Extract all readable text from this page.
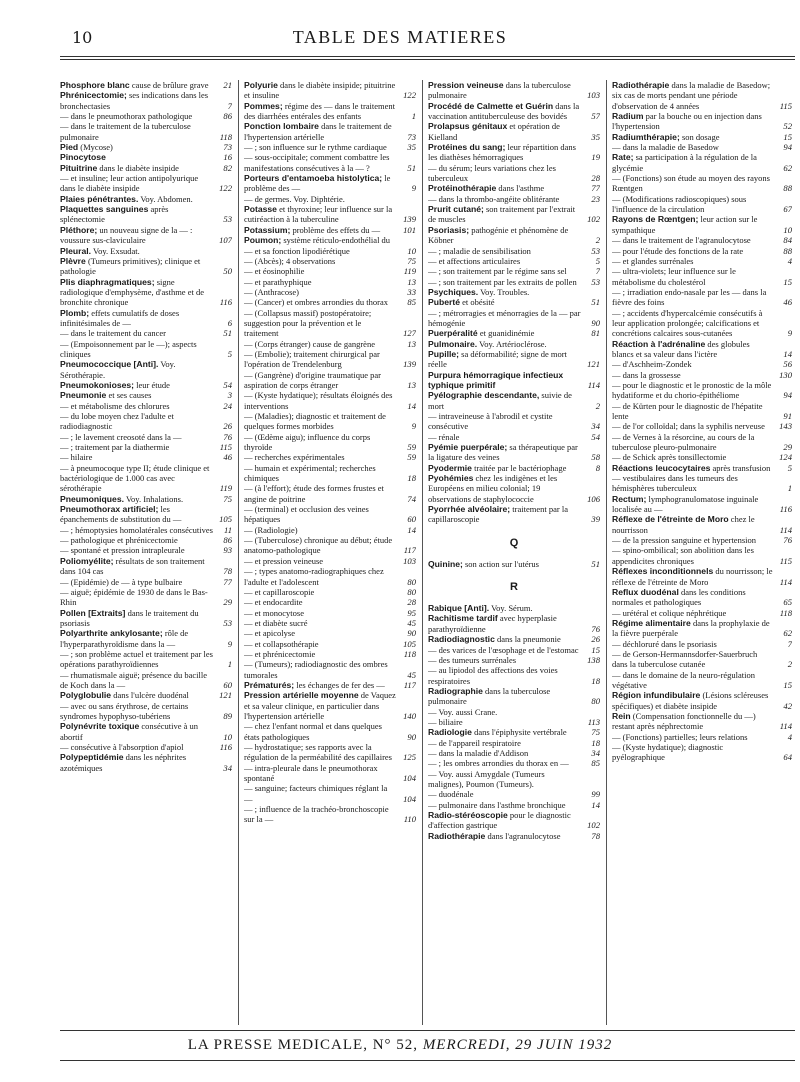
10	TABLE DES MATIERES
Phosphore blanc cause de brûlure grave 21
Phrénicectomie; ses indications dans les bronchectasies	7
— dans le pneumothorax pathologique	86
— dans le traitement de la tuberculose pulmonaire	118
Pied (Mycose)	73
Pinocytose	16
Pituitrine dans le diabète insipide	82
— et insuline; leur action antipolyurique dans le diabète insipide	122
Plaies pénétrantes. Voy. Abdomen.
Plaquettes sanguines après splénectomie	53
Pléthore; un nouveau signe de la — : voussure sus-claviculaire	107
Pleural. Voy. Exsudat.
Plèvre (Tumeurs primitives); clinique et pathologie	50
Plis diaphragmatiques; signe radiologique d'emphysème, d'asthme et de bronchite chronique	116
Plomb; effets cumulatifs de doses infinitésimales de —	6
— dans le traitement du cancer	51
— (Empoisonnement par le —); aspects cliniques	5
Pneumococcique [Anti]. Voy. Sérothérapie.
Pneumokonioses; leur étude	54
Pneumonie et ses causes	3
— et métabolisme des chlorures	24
— du lobe moyen chez l'adulte et radiodiagnostic	26
— ; le lavement creosoté dans la —	76
— ; traitement par la diathermie	115
— hilaire	46
— à pneumocoque type II; étude clinique et bactériologique de 1.000 cas avec sérothérapie	119
Pneumoniques. Voy. Inhalations.	75
Pneumothorax artificiel; les épanchements de substitution du —	105
— ; hémoptysies homolatérales consécutives 11
— pathologique et phrénicectomie	86
— spontané et pression intrapleurale	93
Poliomyélite; résultats de son traitement dans 104 cas	78
— (Epidémie) de — à type bulbaire	77
— aiguë; épidémie de 1930 de dans le Bas-Rhin	29
Pollen [Extraits] dans le traitement du psoriasis	53
Polyarthrite ankylosante; rôle de l'hyperparathyroïdisme dans la —	9
— ; son problème actuel et traitement par les opérations parathyroïdiennes	1
— rhumatismale aiguë; présence du bacille de Koch dans la —	60
Polyglobulie dans l'ulcère duodénal	121
— avec ou sans érythrose, de certains syndromes hypophyso-tubériens	89
Polynévrite toxique consécutive à un abortif	10
— consécutive à l'absorption d'apiol	116
Polypeptidémie dans les néphrites azotémiques	34
Polyurie dans le diabète insipide; pituitrine et insuline	122
Pommes; régime des — dans le traitement des diarrhées entérales des enfants	1
Ponction lombaire dans le traitement de l'hypertension artérielle	73
— ; son influence sur le rythme cardiaque 35
— sous-occipitale; comment combattre les manifestations consécutives à la — ?	51
Porteurs d'entamoeba histolytica; le problème des —	9
— de germes. Voy. Diphtérie.
Potasse et thyroxine; leur influence sur la cutiréaction à la tuberculine	139
Potassium; problème des effets du —	101
Poumon; système réticulo-endothélial du — et sa fonction lipodiérétique	10
— (Abcès); 4 observations	75
— et éosinophilie	119
— et parathyphique	13
— (Anthracose)	33
— (Cancer) et ombres arrondies du thorax 85
— (Collapsus massif) postopératoire; suggestion pour la prévention et le traitement	127
— (Corps étranger) cause de gangrène	13
— (Embolie); traitement chirurgical par l'opération de Trendelenburg	139
— (Gangrène) d'origine traumatique par aspiration de corps étranger	13
— (Kyste hydatique); résultats éloignés des interventions	14
— (Maladies); diagnostic et traitement de quelques formes morbides	9
— (Œdème aigu); influence du corps thyroïde	59
— recherches expérimentales	59
— humain et expérimental; recherches chimiques	18
— (à l'effort); étude des formes frustes et angine de poitrine	74
— (terminal) et occlusion des veines hépatiques	60
— (Radiologie)	14
— (Tuberculose) chronique au début; étude anatomo-pathologique	117
— et pression veineuse	103
— ; types anatomo-radiographiques chez l'adulte et l'adolescent	80
— et capillaroscopie	80
— et endocardite	28
— et monocytose	95
— et diabète sucré	45
— et apicolyse	90
— et collapsothérapie	105
— et phrénicectomie	118
— (Tumeurs); radiodiagnostic des ombres tumorales	45
Prématurés; les échanges de fer des — 117
Pression artérielle moyenne de Vaquez et sa valeur clinique, en particulier dans l'hypertension artérielle	140
— chez l'enfant normal et dans quelques états pathologiques	90
— hydrostatique; ses rapports avec la régulation de la perméabilité des capillaires 125
— intra-pleurale dans le pneumothorax spontané	104
— sanguine; facteurs chimiques réglant la —	104
— ; influence de la trachéo-bronchoscopie sur la —	110
Pression veineuse dans la tuberculose pulmonaire	103
Procédé de Calmette et Guérin dans la vaccination antituberculeuse des bovidés	57
Prolapsus génitaux et opération de Kielland	35
Protéines du sang; leur répartition dans les diathèses hémorragiques	19
— du sérum; leurs variations chez les tuberculeux	28
Protéinothérapie dans l'asthme	77
— dans la thrombo-angéite oblitérante	23
Prurit cutané; son traitement par l'extrait de muscles	102
Psoriasis; pathogénie et phénomène de Köbner	2
— ; maladie de sensibilisation	53
— et affections articulaires	5
— ; son traitement par le régime sans sel	7
— ; son traitement par les extraits de pollen 53
Psychiques. Voy. Troubles.
Puberté et obésité	51
— ; métrorragies et ménorragies de la — par hémogénie	90
Puerpéralité et guanidinémie	81
Pulmonaire. Voy. Artérioclérose.
Pupille; sa déformabilité; signe de mort réelle	121
Purpura hémorragique infectieux typhique primitif	114
Pyélographie descendante, suivie de mort	2
— intraveineuse à l'abrodil et cystite consécutive	34
— rénale	54
Pyémie puerpérale; sa thérapeutique par la ligature des veines	58
Pyodermie traitée par le bactériophage	8
Pyohémies chez les indigènes et les Européens en milieu colonial; 19 observations de staphylococcie	106
Pyorrhée alvéolaire; traitement par la capillaroscopie	39
Q
Quinine; son action sur l'utérus	51
R
Rabique [Anti]. Voy. Sérum.
Rachitisme tardif avec hyperplasie parathyroïdienne	76
Radiodiagnostic dans la pneumonie	26
— des varices de l'œsophage et de l'estomac 15
— des tumeurs surrénales	138
— au lipiodol des affections des voies respiratoires	18
Radiographie dans la tuberculose pulmonaire	80
— Voy. aussi Crane.
— biliaire	113
Radiologie dans l'épiphysite vertébrale	75
— de l'appareil respiratoire	18
— dans la maladie d'Addison	34
— ; les ombres arrondies du thorax en —	85
— Voy. aussi Amygdale (Tumeurs malignes), Poumon (Tumeurs).
— duodénale	99
— pulmonaire dans l'asthme bronchique	14
Radio-stéréoscopie pour le diagnostic d'affection gastrique	102
Radiothérapie dans l'agranulocytose	78
Radiothérapie dans la maladie de Basedow; six cas de morts pendant une période d'observation de 4 années	115
Radium par la bouche ou en injection dans l'hypertension	52
Radiumthérapie; son dosage	15
— dans la maladie de Basedow	94
Rate; sa participation à la régulation de la glycémie	62
— (Fonctions) son étude au moyen des rayons Rœntgen	88
— (Modifications radioscopiques) sous l'influence de la circulation	67
Rayons de Rœntgen; leur action sur le sympathique	10
— dans le traitement de l'agranulocytose	84
— pour l'étude des fonctions de la rate	88
— et glandes surrénales	4
— ultra-violets; leur influence sur le métabolisme du cholestérol	15
— ; irradiation endo-nasale par les — dans la fièvre des foins	46
— ; accidents d'hypercalcémie consécutifs à leur application prolongée; calcifications et concrétions calcaires sous-cutanées	9
Réaction à l'adrénaline des globules blancs et sa valeur dans l'ictère	14
— d'Aschheim-Zondek	56
— dans la grossesse	130
— pour le diagnostic et le pronostic de la môle hydatiforme et du chorio-épithéliome	94
— de Kürten pour le diagnostic de l'hépatite lente	91
— de l'or colloïdal; dans la syphilis nerveuse 143
— de Vernes à la résorcine, au cours de la tuberculose pleuro-pulmonaire	29
— de Schick après tonsillectomie	124
Réactions leucocytaires après transfusion 5
— vestibulaires dans les tumeurs des hémisphères tuberculeux	1
Rectum; lymphogranulomatose inguinale localisée au —	116
Réflexe de l'étreinte de Moro chez le nourrisson	114
— de la pression sanguine et hypertension	76
— spino-ombilical; son abolition dans les appendicites chroniques	115
Réflexes inconditionnels du nourrisson; le réflexe de l'étreinte de Moro	114
Reflux duodénal dans les conditions normales et pathologiques	65
— urétéral et colique néphrétique	118
Régime alimentaire dans la prophylaxie de la fièvre puerpérale	62
— déchloruré dans le psoriasis	7
— de Gerson-Hermannsdorfer-Sauerbruch dans la tuberculose cutanée	2
— dans le domaine de la neuro-régulation végétative	15
Région infundibulaire (Lésions scléreuses spécifiques) et diabète insipide	42
Rein (Compensation fonctionnelle du —) restant après néphrectomie	114
— (Fonctions) partielles; leurs relations	4
— (Kyste hydatique); diagnostic pyélographique	64
LA PRESSE MEDICALE, N° 52, MERCREDI, 29 JUIN 1932
